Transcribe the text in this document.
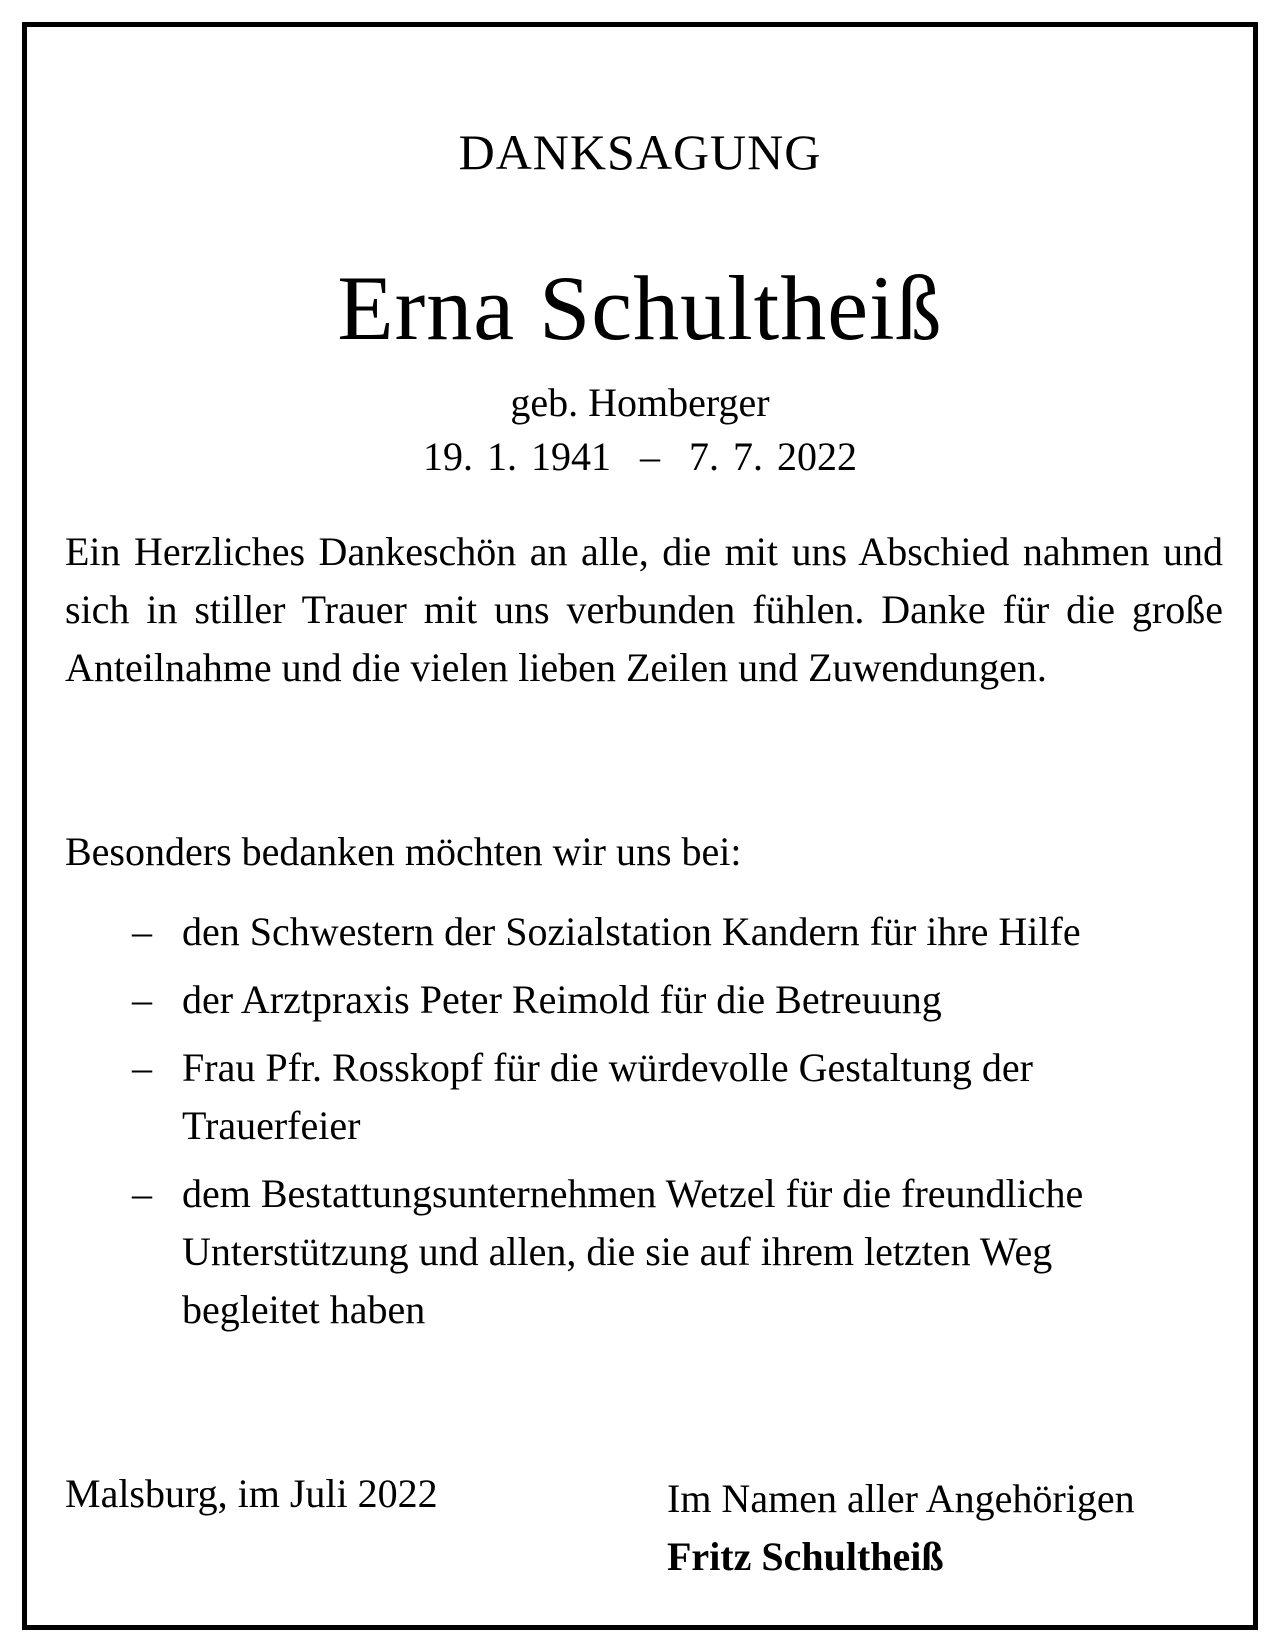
DANKSAGUNG
Erna Schultheiß
geb. Homberger
19. 1. 1941 – 7. 7. 2022
Ein Herzliches Dankeschön an alle, die mit uns Abschied nahmen und sich in stiller Trauer mit uns verbunden fühlen. Danke für die große Anteilnahme und die vielen lieben Zeilen und Zuwendungen.
Besonders bedanken möchten wir uns bei:
– den Schwestern der Sozialstation Kandern für ihre Hilfe
– der Arztpraxis Peter Reimold für die Betreuung
– Frau Pfr. Rosskopf für die würdevolle Gestaltung der Trauerfeier
– dem Bestattungsunternehmen Wetzel für die freundliche Unterstützung und allen, die sie auf ihrem letzten Weg begleitet haben
Malsburg, im Juli 2022	Im Namen aller Angehörigen
Fritz Schultheiß
